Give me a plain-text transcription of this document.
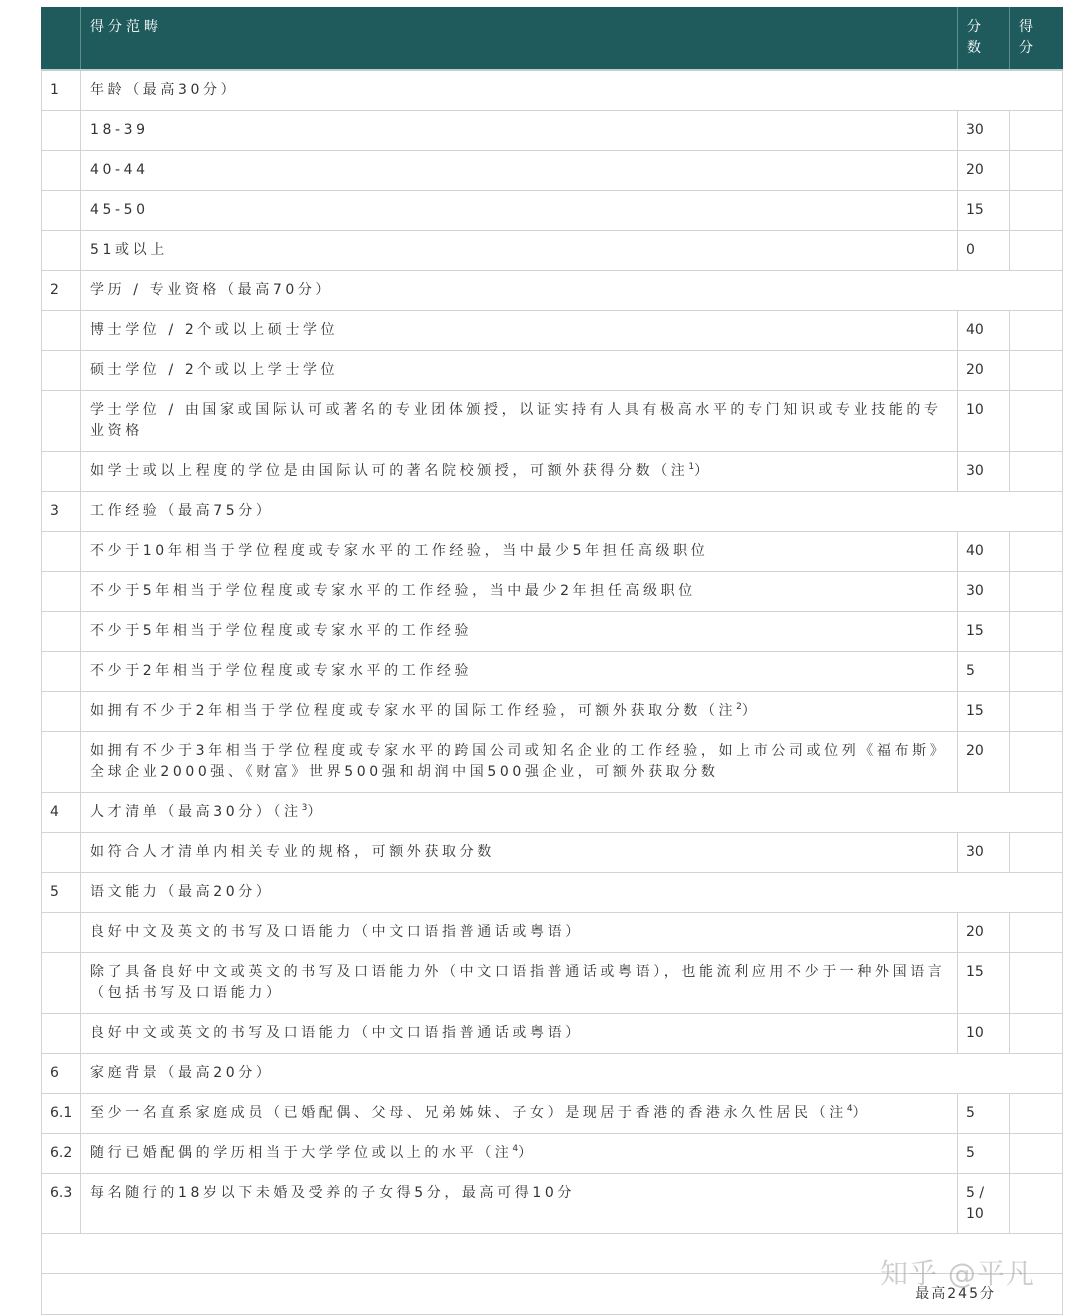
	得分范畴	分数	得分
1	年龄（最高30分）		
	18-39	30	
	40-44	20	
	45-50	15	
	51或以上	0	
2	学历 / 专业资格（最高70分）		
	博士学位 / 2个或以上硕士学位	40	
	硕士学位 / 2个或以上学士学位	20	
	学士学位 / 由国家或国际认可或著名的专业团体颁授，以证实持有人具有极高水平的专门知识或专业技能的专业资格	10	
	如学士或以上程度的学位是由国际认可的著名院校颁授，可额外获得分数（注$^1$）	30	
3	工作经验（最高75分）		
	不少于10年相当于学位程度或专家水平的工作经验，当中最少5年担任高级职位	40	
	不少于5年相当于学位程度或专家水平的工作经验，当中最少2年担任高级职位	30	
	不少于5年相当于学位程度或专家水平的工作经验	15	
	不少于2年相当于学位程度或专家水平的工作经验	5	
	如拥有不少于2年相当于学位程度或专家水平的国际工作经验，可额外获取分数（注$^2$）	15	
	如拥有不少于3年相当于学位程度或专家水平的跨国公司或知名企业的工作经验，如上市公司或位列《福布斯》全球企业2000强、《财富》世界500强和胡润中国500强企业，可额外获取分数	20	
4	人才清单（最高30分）（注$^3$）		
	如符合人才清单内相关专业的规格，可额外获取分数	30	
5	语文能力（最高20分）		
	良好中文及英文的书写及口语能力（中文口语指普通话或粤语）	20	
	除了具备良好中文或英文的书写及口语能力外（中文口语指普通话或粤语），也能流利应用不少于一种外国语言（包括书写及口语能力）	15	
	良好中文或英文的书写及口语能力（中文口语指普通话或粤语）	10	
6	家庭背景（最高20分）		
6.1	至少一名直系家庭成员（已婚配偶、父母、兄弟姊妹、子女）是现居于香港的香港永久性居民（注$^4$）	5	
6.2	随行已婚配偶的学历相当于大学学位或以上的水平（注$^4$）	5	
6.3	每名随行的18岁以下未婚及受养的子女得5分，最高可得10分	5 / 10	

最高245分			
知乎 @平凡
